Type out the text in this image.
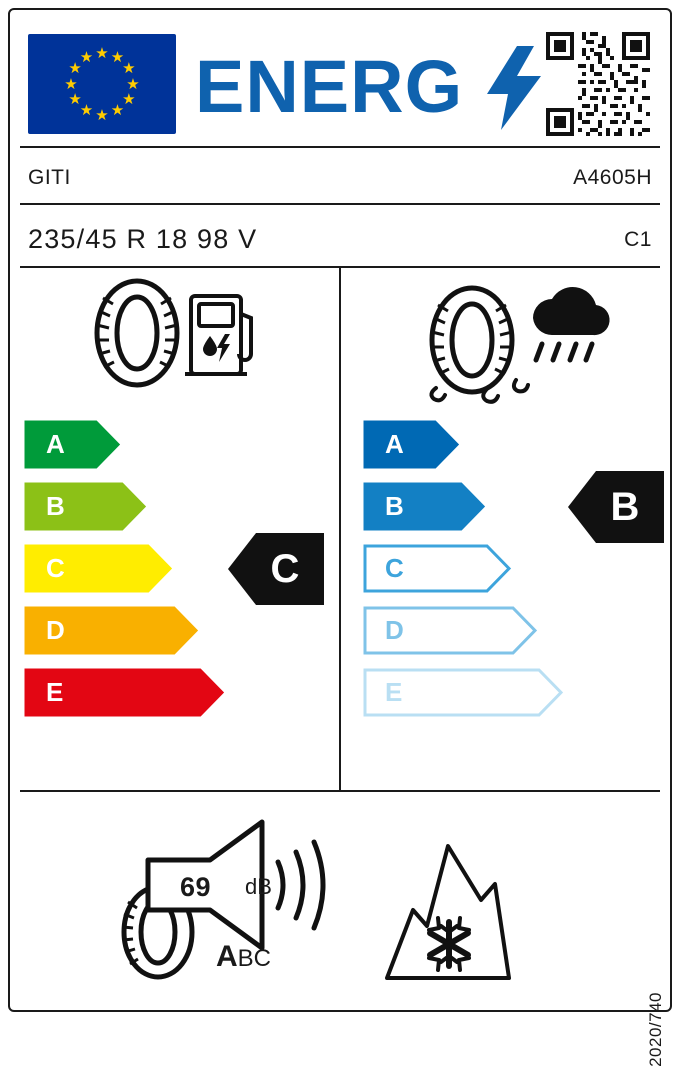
★ ★
★
★
★
★
★
★
★
★
★
★ ENERG
GITI	A4605H
235/45 R 18 98 V	C1
A
B
C
D
E
A
B
C
D
E
C
B
69 dB
ABC
2020/740
